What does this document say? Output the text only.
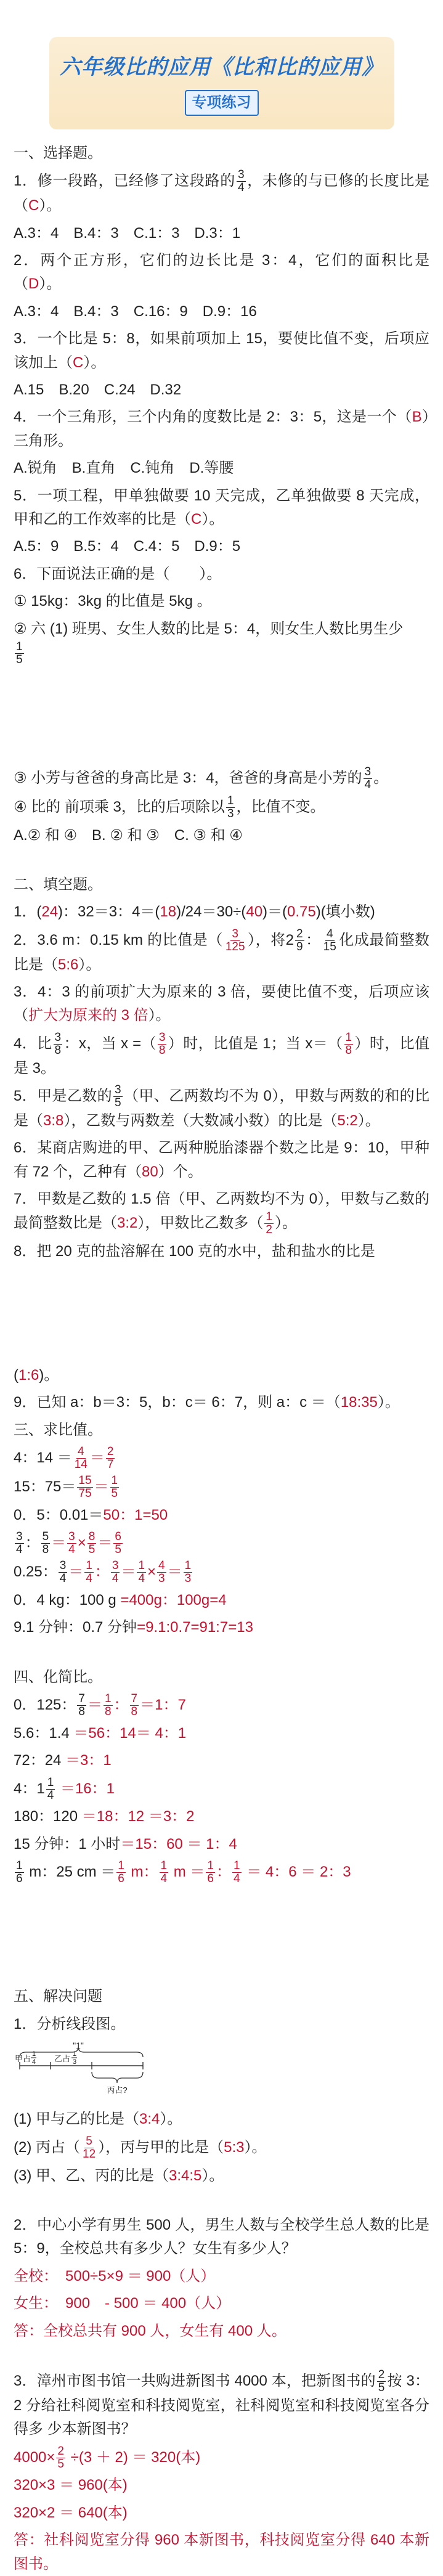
六年级比的应用《比和比的应用》
专项练习

一、选择题。

1．修一段路，已经修了这段路的 $\frac{3}{4}$ ，未修的与已修的长度比是（C）。

A.3：4　B.4：3　C.1：3　D.3：1

2．两个正方形，它们的边长比是 3：4，它们的面积比是（D）。

A.3：4　B.4：3　C.16：9　D.9：16

3．一个比是 5：8，如果前项加上 15，要使比值不变，后项应该加上（C）。

A.15　B.20　C.24　D.32

4．一个三角形，三个内角的度数比是 2：3：5，这是一个（B）三角形。

A.锐角　B.直角　C.钝角　D.等腰

5．一项工程，甲单独做要 10 天完成，乙单独做要 8 天完成，甲和乙的工作效率的比是（C）。

A.5：9　B.5：4　C.4：5　D.9：5

6．下面说法正确的是（　　）。

① 15kg：3kg 的比值是 5kg 。

② 六 (1) 班男、女生人数的比是 5：4，则女生人数比男生少

$\frac{1}{5}$

③ 小芳与爸爸的身高比是 3：4，爸爸的身高是小芳的 $\frac{3}{4}$ 。

④ 比的 前项乘 3，比的后项除以 $\frac{1}{3}$ ，比值不变。

A.② 和 ④　B. ② 和 ③　C. ③ 和 ④

二、填空题。

1．(24)：32＝3：4＝(18)/24＝30÷(40)＝(0.75)(填小数)

2．3.6 m：0.15 km 的比值是（ $\frac{3}{125}$ ），将$2 \frac{2}{9}$ ： $\frac{4}{15}$ 化成最简整数比是（5:6）。

3．4：3 的前项扩大为原来的 3 倍，要使比值不变，后项应该（扩大为原来的 3 倍）。

4．比 $\frac{3}{8}$ ：x，当 x =（ $\frac{3}{8}$ ）时，比值是 1；当 $x=( \frac{1}{8}$ ）时，比值是 3。

5．甲是乙数的 $\frac{3}{5}$ （甲、乙两数均不为 0），甲数与两数的和的比是（3:8），乙数与两数差（大数减小数）的比是（5:2）。

6．某商店购进的甲、乙两种脱胎漆器个数之比是 9：10，甲种有 72 个，乙种有（80）个。

7．甲数是乙数的 1.5 倍（甲、乙两数均不为 0），甲数与乙数的最简整数比是（3:2），甲数比乙数多（ $\frac{1}{2}$ ）。

8．把 20 克的盐溶解在 100 克的水中，盐和盐水的比是

(1:6)。

9．已知 a：b＝3：5，b：c＝ 6：7，则 a：c ＝（18:35）。

三、求比值。

4：$14 = \frac{4}{14} = \frac{2}{7}$

15：$75= \frac{15}{75} = \frac{1}{5}$

0．5：0.01＝50：1=50

$\frac{3}{4}$ ： $\frac{5}{8} = \frac{3}{4} \times \frac{8}{5} = \frac{6}{5}$

0.25： $\frac{3}{4} = \frac{1}{4}$ ： $\frac{3}{4} = \frac{1}{4} \times \frac{4}{3} = \frac{1}{3}$

0．4 kg：100 g =400g：100g=4

9.1 分钟：0.7 分钟=9.1:0.7=91:7=13

四、化简比。

0．125： $\frac{7}{8} = \frac{1}{8}$ ： $\frac{7}{8} =1$：7

5.6：1.4 ＝56：14＝ 4：1

72：24 ＝3：1

4：$1 \frac{1}{4} =16$：1

180：120 ＝18：12 ＝3：2

15 分钟：1 小时＝15：60 ＝ 1：4

$\frac{1}{6}$ m：25 cm ＝ $\frac{1}{6}$ m： $\frac{1}{4}$ $m = \frac{1}{6}$ ： $\frac{1}{4} = 4$：6 ＝ 2：3

五、解决问题

1．分析线段图。

"1"
甲占 1
4 乙占 1
3
丙占?

(1) 甲与乙的比是（3:4）。

(2) 丙占（ $\frac{5}{12}$ ），丙与甲的比是（5:3）。

(3) 甲、乙、丙的比是（3:4:5）。

2．中心小学有男生 500 人，男生人数与全校学生总人数的比是 5：9，全校总共有多少人？女生有多少人？

全校：　500÷5×9 ＝ 900（人）

女生：　900　- 500 ＝ 400（人）

答：全校总共有 900 人，女生有 400 人。

3．漳州市图书馆一共购进新图书 4000 本，把新图书的 $\frac{2}{5}$ 按 3：2 分给社科阅览室和科技阅览室，社科阅览室和科技阅览室各分得多 少本新图书？

$4000\times \frac{2}{5} \div(3 + 2) = 320$(本)

320×3 ＝ 960(本)

320×2 ＝ 640(本)

答：社科阅览室分得 960 本新图书，科技阅览室分得 640 本新图书。
